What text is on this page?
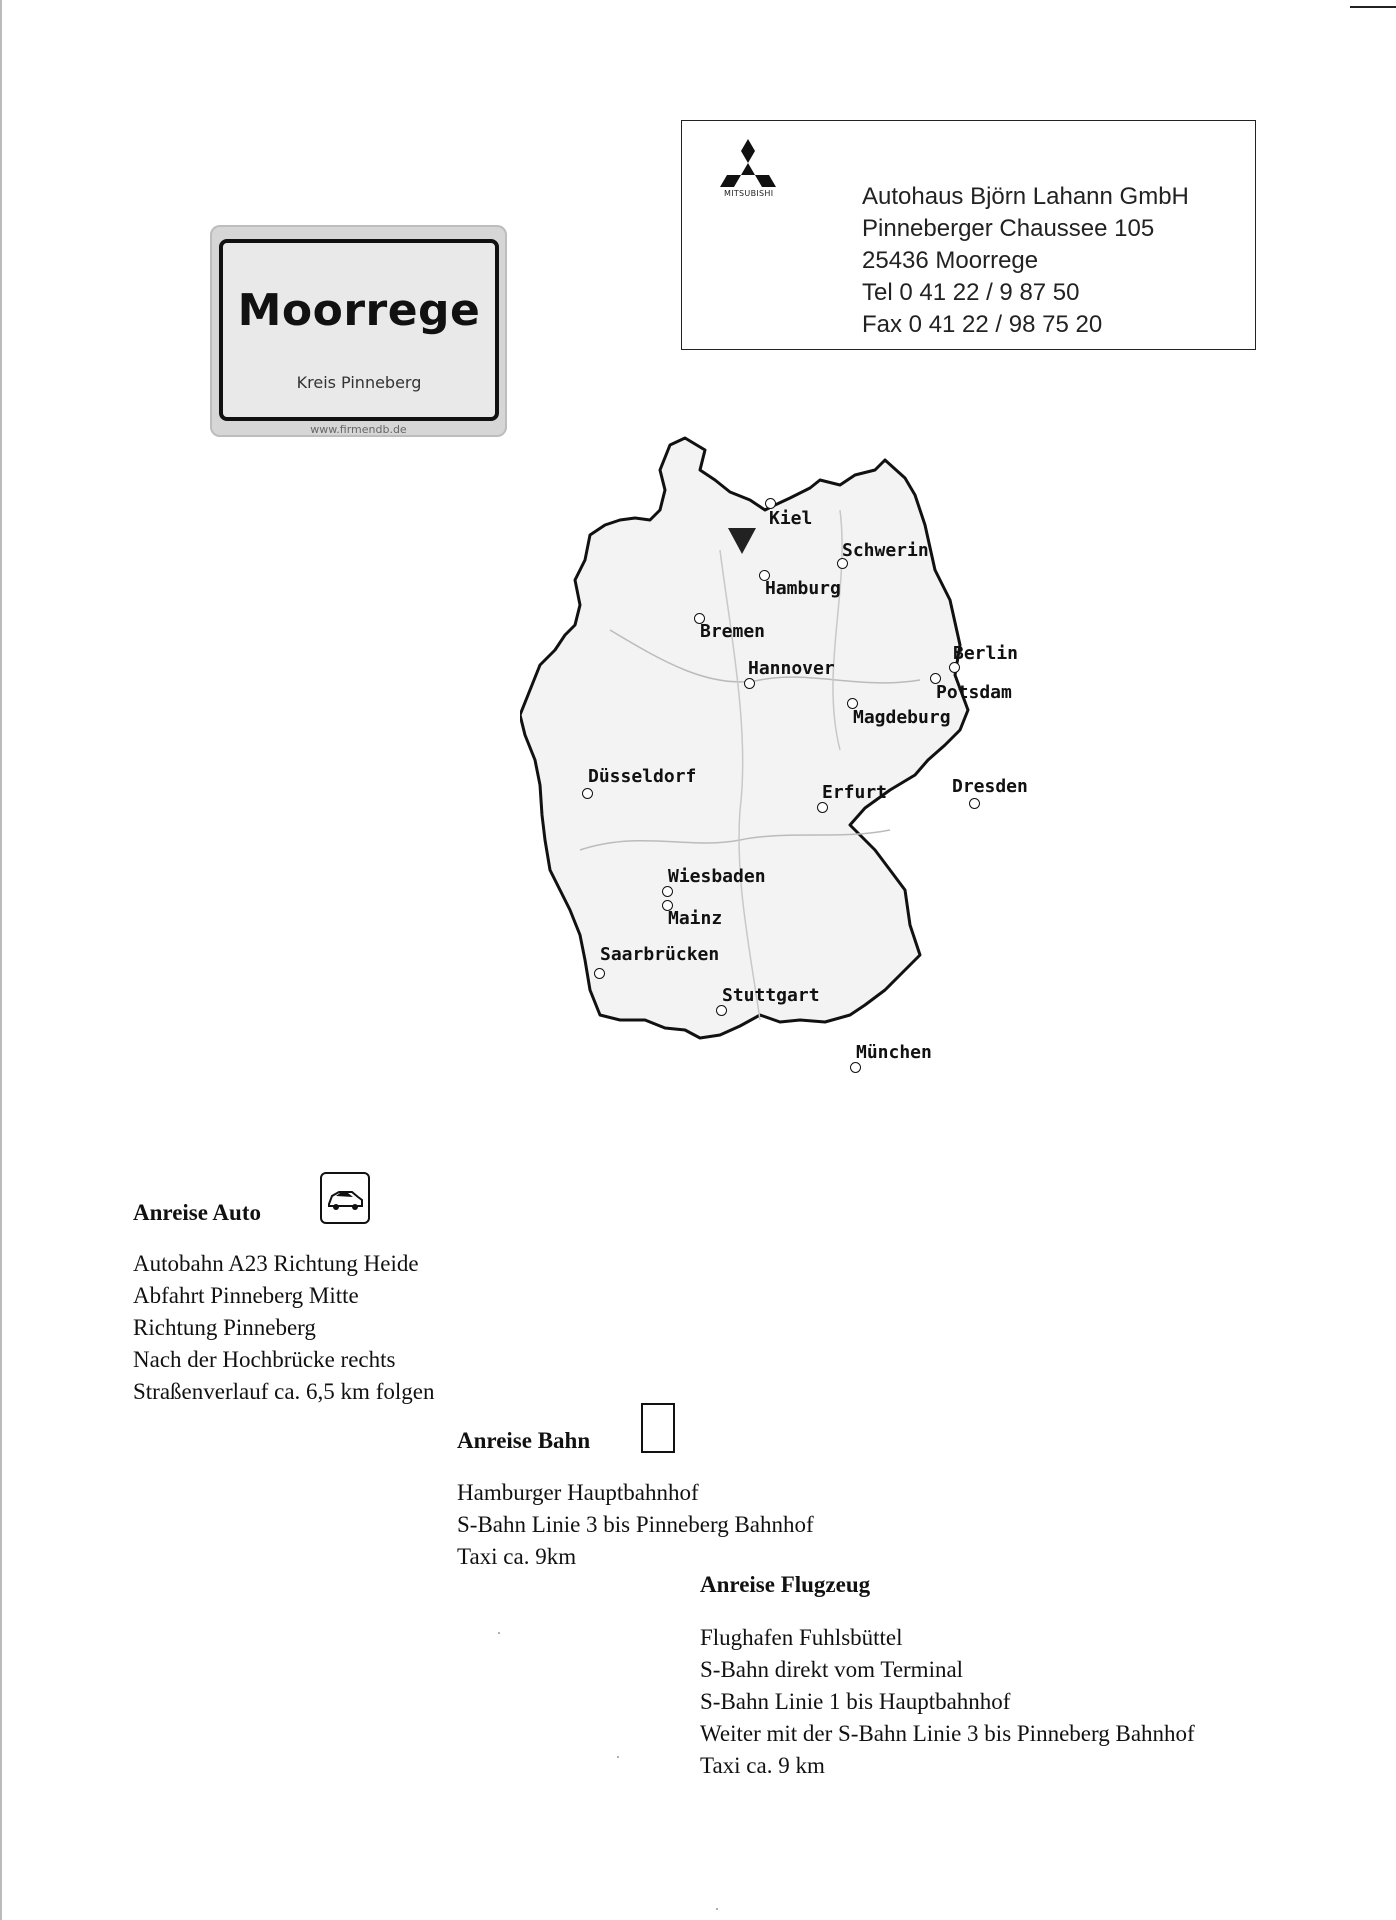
Moorrege
Kreis Pinneberg
www.firmendb.de
MITSUBISHI	Autohaus Björn Lahann GmbH
Pinneberger Chaussee 105
25436 Moorrege
Tel 0 41 22 / 9 87 50
Fax 0 41 22 / 98 75 20
Kiel
Schwerin
Hamburg
Bremen
Hannover
Berlin
Potsdam
Magdeburg
Düsseldorf
Erfurt	Dresden
Wiesbaden
Mainz
Saarbrücken
Stuttgart
München
Anreise Auto
Autobahn A23 Richtung Heide
Abfahrt Pinneberg Mitte
Richtung Pinneberg
Nach der Hochbrücke rechts
Straßenverlauf ca. 6,5 km folgen
Anreise Bahn
Hamburger Hauptbahnhof
S-Bahn Linie 3 bis Pinneberg Bahnhof
Taxi ca. 9km
Anreise Flugzeug
Flughafen Fuhlsbüttel
S-Bahn direkt vom Terminal
S-Bahn Linie 1 bis Hauptbahnhof
Weiter mit der S-Bahn Linie 3 bis Pinneberg Bahnhof
Taxi ca. 9 km
